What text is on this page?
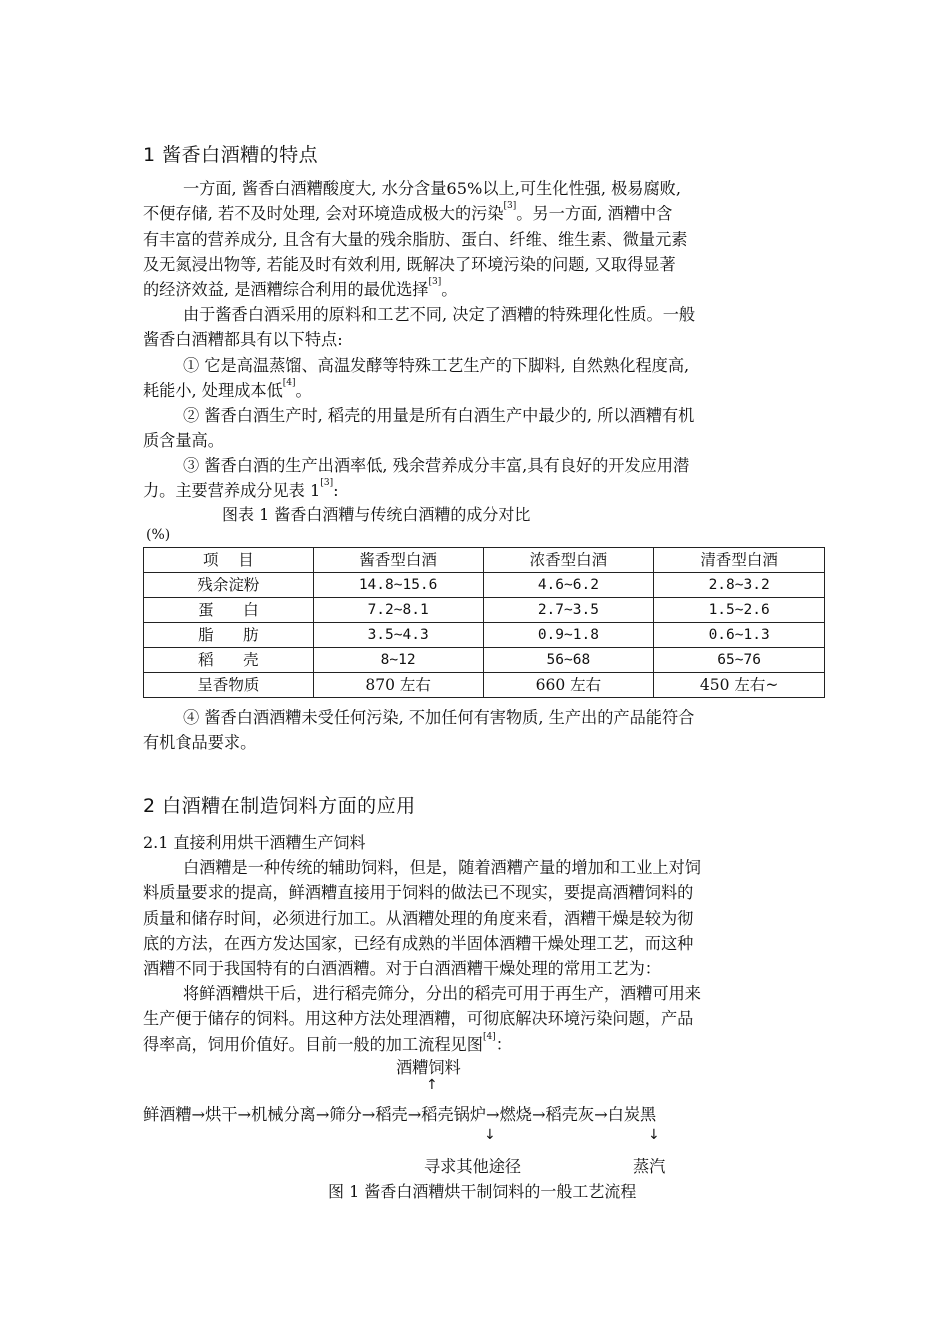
1 酱香白酒糟的特点
一方面, 酱香白酒糟酸度大, 水分含量65%以上,可生化性强, 极易腐败,
不便存储, 若不及时处理, 会对环境造成极大的污染[3]。另一方面, 酒糟中含
有丰富的营养成分, 且含有大量的残余脂肪、蛋白、纤维、维生素、微量元素
及无氮浸出物等, 若能及时有效利用, 既解决了环境污染的问题, 又取得显著
的经济效益, 是酒糟综合利用的最优选择[3]。
由于酱香白酒采用的原料和工艺不同, 决定了酒糟的特殊理化性质。一般
酱香白酒糟都具有以下特点:
① 它是高温蒸馏、高温发酵等特殊工艺生产的下脚料, 自然熟化程度高,
耗能小, 处理成本低[4]。
② 酱香白酒生产时, 稻壳的用量是所有白酒生产中最少的, 所以酒糟有机
质含量高。
③ 酱香白酒的生产出酒率低, 残余营养成分丰富,具有良好的开发应用潜
力。主要营养成分见表 1[3]:
图表 1 酱香白酒糟与传统白酒糟的成分对比
(%)
项    目	酱香型白酒	浓香型白酒	清香型白酒
残余淀粉	14.8~15.6	4.6~6.2	2.8~3.2
蛋      白	7.2~8.1	2.7~3.5	1.5~2.6
脂      肪	3.5~4.3	0.9~1.8	0.6~1.3
稻      壳	8~12	56~68	65~76
呈香物质	870 左右	660 左右	450 左右~
④ 酱香白酒酒糟未受任何污染, 不加任何有害物质, 生产出的产品能符合
有机食品要求。
2 白酒糟在制造饲料方面的应用
2.1 直接利用烘干酒糟生产饲料
白酒糟是一种传统的辅助饲料，但是，随着酒糟产量的增加和工业上对饲
料质量要求的提高，鲜酒糟直接用于饲料的做法已不现实，要提高酒糟饲料的
质量和储存时间，必须进行加工。从酒糟处理的角度来看，酒糟干燥是较为彻
底的方法，在西方发达国家，已经有成熟的半固体酒糟干燥处理工艺，而这种
酒糟不同于我国特有的白酒酒糟。对于白酒酒糟干燥处理的常用工艺为：
将鲜酒糟烘干后，进行稻壳筛分，分出的稻壳可用于再生产，酒糟可用来
生产便于储存的饲料。用这种方法处理酒糟，可彻底解决环境污染问题，产品
得率高，饲用价值好。目前一般的加工流程见图[4]：
酒糟饲料
↑
鲜酒糟→烘干→机械分离→筛分→稻壳→稻壳锅炉→燃烧→稻壳灰→白炭黑
↓	↓
寻求其他途径	蒸汽
图 1 酱香白酒糟烘干制饲料的一般工艺流程
